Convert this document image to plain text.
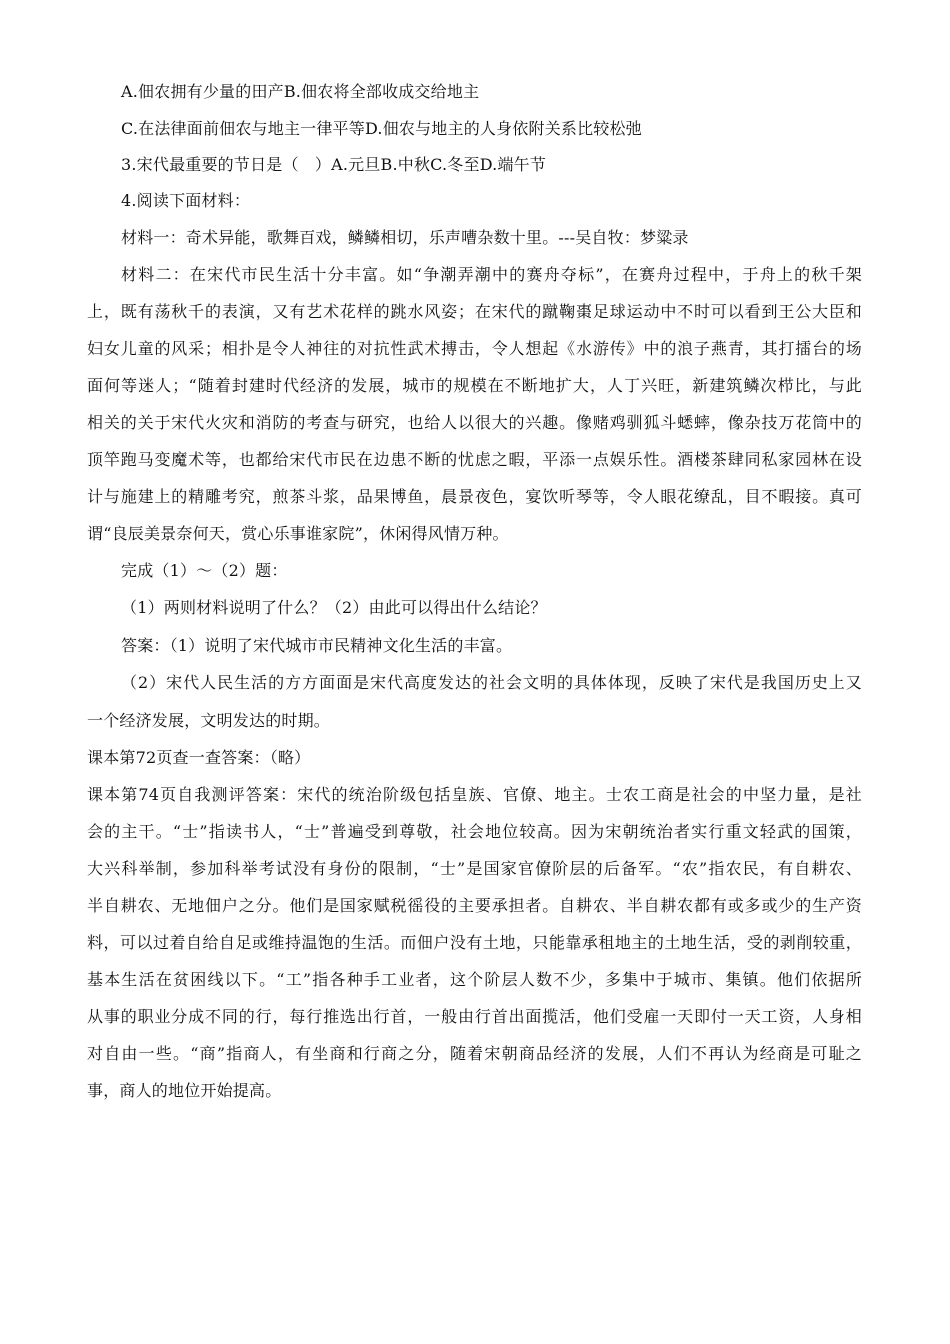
A.佃农拥有少量的田产B.佃农将全部收成交给地主
C.在法律面前佃农与地主一律平等D.佃农与地主的人身依附关系比较松弛
3.宋代最重要的节日是（　）A.元旦B.中秋C.冬至D.端午节
4.阅读下面材料：
材料一：奇术异能，歌舞百戏，鳞鳞相切，乐声嘈杂数十里。---吴自牧：梦粱录
材料二：在宋代市民生活十分丰富。如“争潮弄潮中的赛舟夺标”，在赛舟过程中，于舟上的秋千架
上，既有荡秋千的表演，又有艺术花样的跳水风姿；在宋代的蹴鞠棗足球运动中不时可以看到王公大臣和
妇女儿童的风采；相扑是令人神往的对抗性武术搏击，令人想起《水游传》中的浪子燕青，其打擂台的场
面何等迷人；“随着封建时代经济的发展，城市的规模在不断地扩大，人丁兴旺，新建筑鳞次栉比，与此
相关的关于宋代火灾和消防的考查与研究，也给人以很大的兴趣。像赌鸡驯狐斗蟋蟀，像杂技万花筒中的
顶竿跑马变魔术等，也都给宋代市民在边患不断的忧虑之暇，平添一点娱乐性。酒楼茶肆同私家园林在设
计与施建上的精雕考究，煎茶斗浆，品果博鱼，晨景夜色，宴饮听琴等，令人眼花缭乱，目不暇接。真可
谓“良辰美景奈何天，赏心乐事谁家院”，休闲得风情万种。
完成（1）～（2）题：
（1）两则材料说明了什么？（2）由此可以得出什么结论？
答案：（1）说明了宋代城市市民精神文化生活的丰富。
（2）宋代人民生活的方方面面是宋代高度发达的社会文明的具体体现，反映了宋代是我国历史上又
一个经济发展，文明发达的时期。
课本第72页查一查答案：（略）
课本第74页自我测评答案：宋代的统治阶级包括皇族、官僚、地主。士农工商是社会的中坚力量，是社
会的主干。“士”指读书人，“士”普遍受到尊敬，社会地位较高。因为宋朝统治者实行重文轻武的国策，
大兴科举制，参加科举考试没有身份的限制，“士”是国家官僚阶层的后备军。“农”指农民，有自耕农、
半自耕农、无地佃户之分。他们是国家赋税徭役的主要承担者。自耕农、半自耕农都有或多或少的生产资
料，可以过着自给自足或维持温饱的生活。而佃户没有土地，只能靠承租地主的土地生活，受的剥削较重，
基本生活在贫困线以下。“工”指各种手工业者，这个阶层人数不少，多集中于城市、集镇。他们依据所
从事的职业分成不同的行，每行推选出行首，一般由行首出面揽活，他们受雇一天即付一天工资，人身相
对自由一些。“商”指商人，有坐商和行商之分，随着宋朝商品经济的发展，人们不再认为经商是可耻之
事，商人的地位开始提高。
